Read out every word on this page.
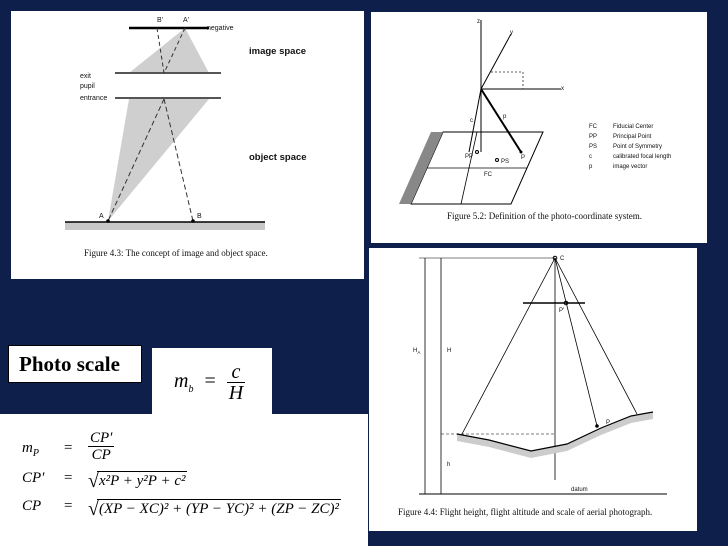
B'	A'
negative
image space
exit
pupil
entrance
object space
A	B
Figure 4.3: The concept of image and object space.
z
y
x
c
p
PP
PS
FC
P
FC	Fiducial Center
PP	Principal Point
PS	Point of Symmetry
c	calibrated focal length
p	image vector
Figure 5.2: Definition of the photo-coordinate system.
C
P'
P
$H_A$	H
h
datum
Figure 4.4: Flight height, flight altitude and scale of aerial photograph.
Photo scale
$m_b = \frac{c}{H}$
$m_P$	= $\frac{CP'}{CP}$
CP′	= √x²P + y²P + c²
CP	= √(XP − XC)² + (YP − YC)² + (ZP − ZC)²
